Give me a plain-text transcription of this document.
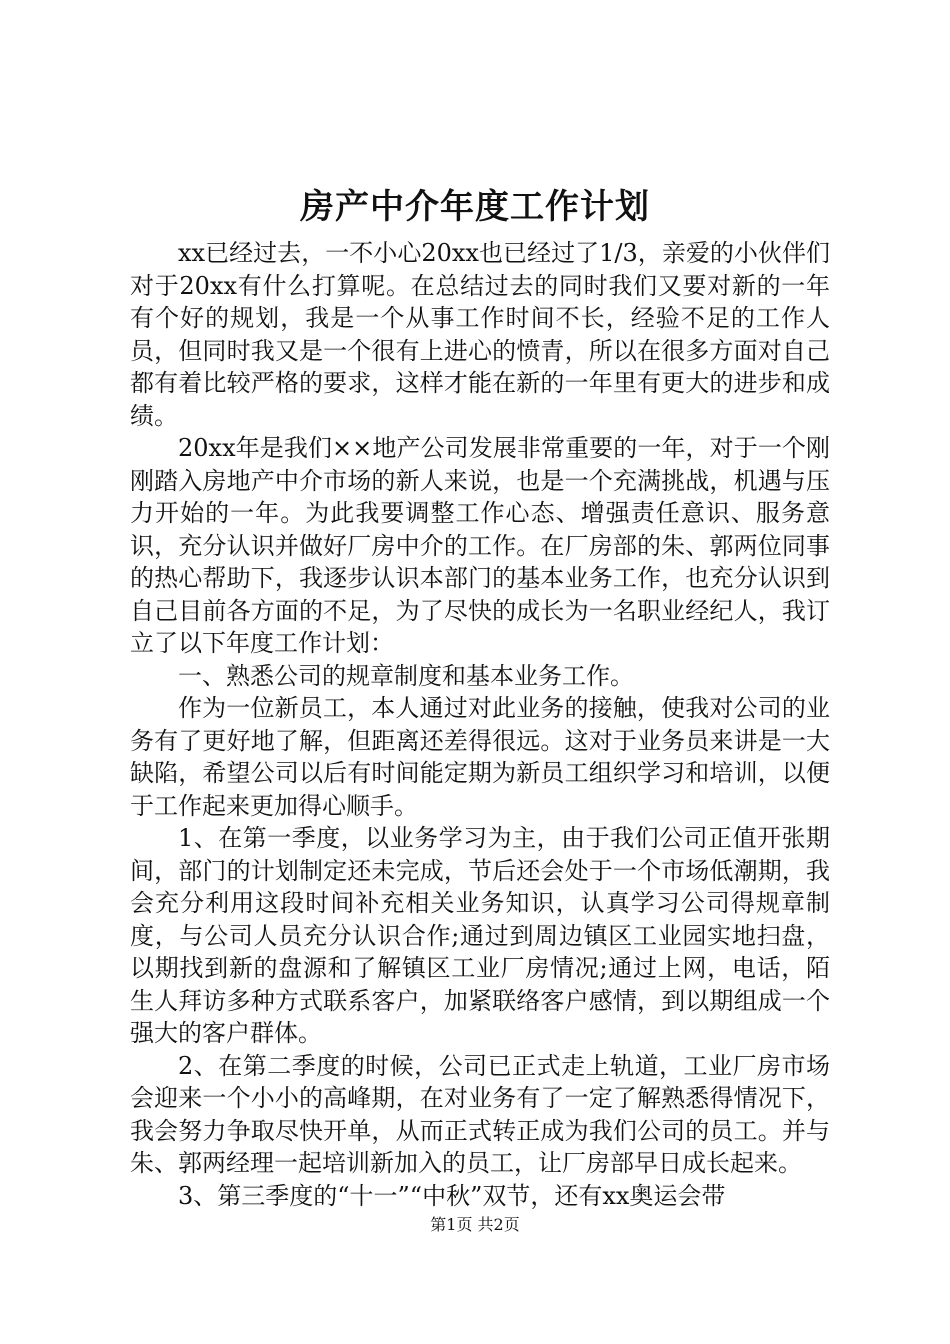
房产中介年度工作计划

xx已经过去，一不小心20xx也已经过了1/3，亲爱的小伙伴们对于20xx有什么打算呢。在总结过去的同时我们又要对新的一年有个好的规划，我是一个从事工作时间不长，经验不足的工作人员，但同时我又是一个很有上进心的愤青，所以在很多方面对自己都有着比较严格的要求，这样才能在新的一年里有更大的进步和成绩。

20xx年是我们××地产公司发展非常重要的一年，对于一个刚刚踏入房地产中介市场的新人来说，也是一个充满挑战，机遇与压力开始的一年。为此我要调整工作心态、增强责任意识、服务意识，充分认识并做好厂房中介的工作。在厂房部的朱、郭两位同事的热心帮助下，我逐步认识本部门的基本业务工作，也充分认识到自己目前各方面的不足，为了尽快的成长为一名职业经纪人，我订立了以下年度工作计划：

一、熟悉公司的规章制度和基本业务工作。

作为一位新员工，本人通过对此业务的接触，使我对公司的业务有了更好地了解，但距离还差得很远。这对于业务员来讲是一大缺陷，希望公司以后有时间能定期为新员工组织学习和培训，以便于工作起来更加得心顺手。

1、在第一季度，以业务学习为主，由于我们公司正值开张期间，部门的计划制定还未完成，节后还会处于一个市场低潮期，我会充分利用这段时间补充相关业务知识，认真学习公司得规章制度，与公司人员充分认识合作;通过到周边镇区工业园实地扫盘，以期找到新的盘源和了解镇区工业厂房情况;通过上网，电话，陌生人拜访多种方式联系客户，加紧联络客户感情，到以期组成一个强大的客户群体。

2、在第二季度的时候，公司已正式走上轨道，工业厂房市场会迎来一个小小的高峰期，在对业务有了一定了解熟悉得情况下，我会努力争取尽快开单，从而正式转正成为我们公司的员工。并与朱、郭两经理一起培训新加入的员工，让厂房部早日成长起来。

3、第三季度的“十一”“中秋”双节，还有xx奥运会带

第1页 共2页
